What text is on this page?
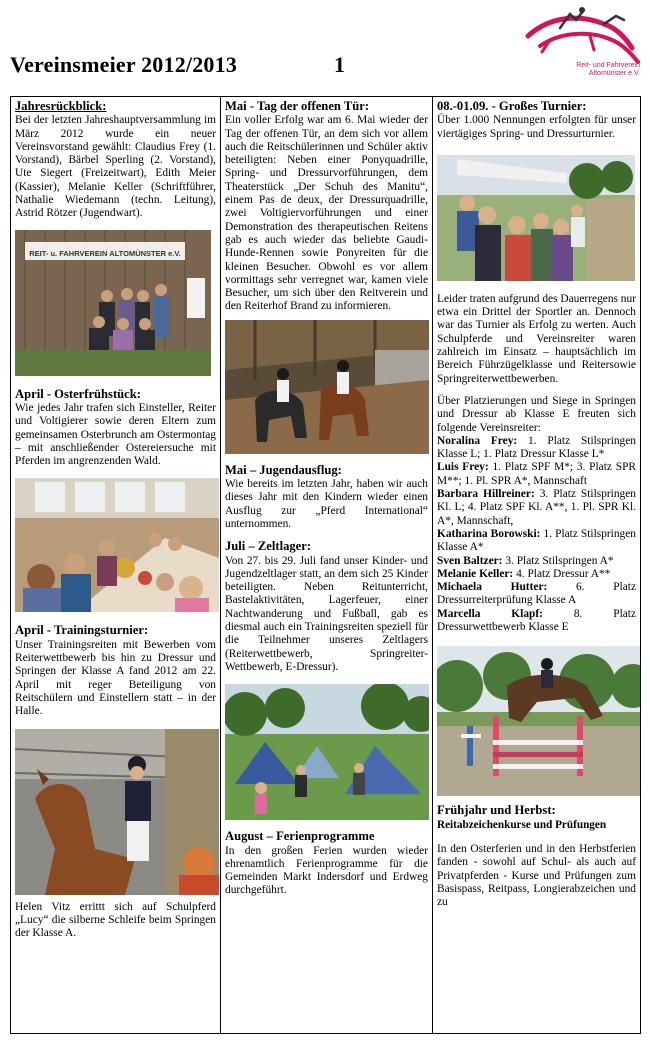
Vereinsmeier 2012/2013	1	Reit- und Fahrverein
Altomünster e.V.
Jahresrückblick:

Bei der letzten Jahreshauptversammlung im März 2012 wurde ein neuer Vereinsvorstand gewählt: Claudius Frey (1. Vorstand), Bärbel Sperling (2. Vorstand), Ute Siegert (Freizeitwart), Edith Meier (Kassier), Melanie Keller (Schriftführer, Nathalie Wiedemann (techn. Leitung), Astrid Rötzer (Jugendwart).

REIT- u. FAHRVEREIN ALTOMÜNSTER e.V.
April - Osterfrühstück:

Wie jedes Jahr trafen sich Einsteller, Reiter und Voltigierer sowie deren Eltern zum gemeinsamen Osterbrunch am Ostermontag – mit anschließender Ostereiersuche mit Pferden im angrenzenden Wald.

April - Trainingsturnier:

Unser Trainingsreiten mit Bewerben vom Reiterwettbewerb bis hin zu Dressur und Springen der Klasse A fand 2012 am 22. April mit reger Beteiligung von Reitschülern und Einstellern statt – in der Halle.

Helen Vitz errittt sich auf Schulpferd „Lucy“ die silberne Schleife beim Springen der Klasse A.

Mai - Tag der offenen Tür:

Ein voller Erfolg war am 6. Mai wieder der Tag der offenen Tür, an dem sich vor allem auch die Reitschülerinnen und Schüler aktiv beteiligten: Neben einer Ponyquadrille, Spring- und Dressurvorführungen, dem Theaterstück „Der Schuh des Manitu“, einem Pas de deux, der Dressurquadrille, zwei Voltigiervorführungen und einer Demonstration des therapeutischen Reitens gab es auch wieder das beliebte Gaudi-Hunde-Rennen sowie Ponyreiten für die kleinen Besucher. Obwohl es vor allem vormittags sehr verregnet war, kamen viele Besucher, um sich über den Reitverein und den Reiterhof Brand zu informieren.

Mai – Jugendausflug:

Wie bereits im letzten Jahr, haben wir auch dieses Jahr mit den Kindern wieder einen Ausflug zur „Pferd International“ unternommen.

Juli – Zeltlager:

Von 27. bis 29. Juli fand unser Kinder- und Jugendzeltlager statt, an dem sich 25 Kinder beteiligten. Neben Reitunterricht, Bastelaktivitäten, Lagerfeuer, einer Nachtwanderung und Fußball, gab es diesmal auch ein Trainingsreiten speziell für die Teilnehmer unseres Zeltlagers (Reiterwettbewerb, Springreiter-Wettbewerb, E-Dressur).

August – Ferienprogramme

In den großen Ferien wurden wieder ehrenamtlich Ferienprogramme für die Gemeinden Markt Indersdorf und Erdweg durchgeführt.

08.-01.09. - Großes Turnier:

Über 1.000 Nennungen erfolgten für unser viertägiges Spring- und Dressurturnier.

Leider traten aufgrund des Dauerregens nur etwa ein Drittel der Sportler an. Dennoch war das Turnier als Erfolg zu werten. Auch Schulpferde und Vereinsreiter waren zahlreich im Einsatz – hauptsächlich im Bereich Führzügelklasse und Reitersowie Springreiterwettbewerben.

Über Platzierungen und Siege in Springen und Dressur ab Klasse E freuten sich folgende Vereinsreiter:

Noralina Frey: 1. Platz Stilspringen Klasse L; 1. Platz Dressur Klasse L*
Luis Frey: 1. Platz SPF M*; 3. Platz SPR M**; 1. Pl. SPR A*, Mannschaft
Barbara Hillreiner: 3. Platz Stilspringen Kl. L; 4. Platz SPF Kl. A**, 1. Pl. SPR Kl. A*, Mannschaft,
Katharina Borowski: 1. Platz Stilspringen Klasse A*
Sven Baltzer: 3. Platz Stilspringen A*
Melanie Keller: 4. Platz Dressur A**
Michaela Hutter: 6. Platz Dressurreiterprüfung Klasse A
Marcella Klapf: 8. Platz Dressurwettbewerb Klasse E
Frühjahr und Herbst:
Reitabzeichenkurse und Prüfungen

In den Osterferien und in den Herbstferien fanden - sowohl auf Schul- als auch auf Privatpferden - Kurse und Prüfungen zum Basispass, Reitpass, Longierabzeichen und zu
